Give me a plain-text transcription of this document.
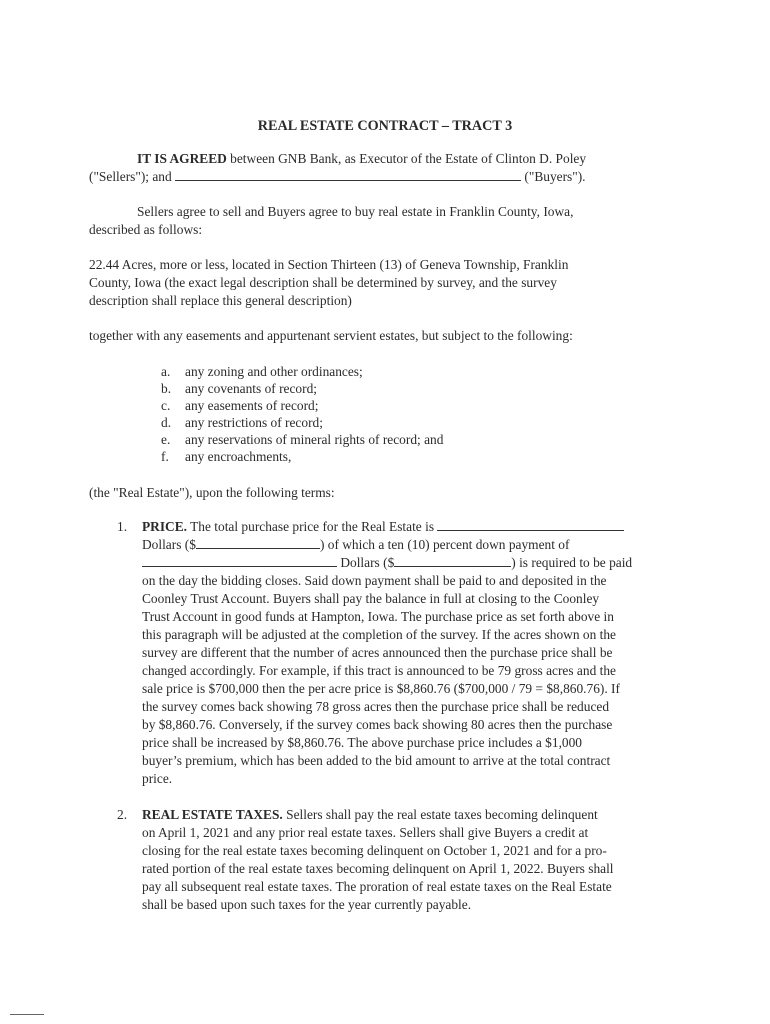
REAL ESTATE CONTRACT – TRACT 3
IT IS AGREED between GNB Bank, as Executor of the Estate of Clinton D. Poley
("Sellers"); and	("Buyers").
Sellers agree to sell and Buyers agree to buy real estate in Franklin County, Iowa,
described as follows:
22.44 Acres, more or less, located in Section Thirteen (13) of Geneva Township, Franklin
County, Iowa (the exact legal description shall be determined by survey, and the survey
description shall replace this general description)
together with any easements and appurtenant servient estates, but subject to the following:
a. any zoning and other ordinances;
b. any covenants of record;
c. any easements of record;
d. any restrictions of record;
e. any reservations of mineral rights of record; and
f. any encroachments,
(the "Real Estate"), upon the following terms:
1. PRICE. The total purchase price for the Real Estate is
Dollars ($	) of which a ten (10) percent down payment of
Dollars ($	) is required to be paid
on the day the bidding closes. Said down payment shall be paid to and deposited in the
Coonley Trust Account. Buyers shall pay the balance in full at closing to the Coonley
Trust Account in good funds at Hampton, Iowa. The purchase price as set forth above in
this paragraph will be adjusted at the completion of the survey. If the acres shown on the
survey are different that the number of acres announced then the purchase price shall be
changed accordingly. For example, if this tract is announced to be 79 gross acres and the
sale price is $700,000 then the per acre price is $8,860.76 ($700,000 / 79 = $8,860.76). If
the survey comes back showing 78 gross acres then the purchase price shall be reduced
by $8,860.76. Conversely, if the survey comes back showing 80 acres then the purchase
price shall be increased by $8,860.76. The above purchase price includes a $1,000
buyer’s premium, which has been added to the bid amount to arrive at the total contract
price.
2. REAL ESTATE TAXES. Sellers shall pay the real estate taxes becoming delinquent
on April 1, 2021 and any prior real estate taxes. Sellers shall give Buyers a credit at
closing for the real estate taxes becoming delinquent on October 1, 2021 and for a pro-
rated portion of the real estate taxes becoming delinquent on April 1, 2022. Buyers shall
pay all subsequent real estate taxes. The proration of real estate taxes on the Real Estate
shall be based upon such taxes for the year currently payable.
